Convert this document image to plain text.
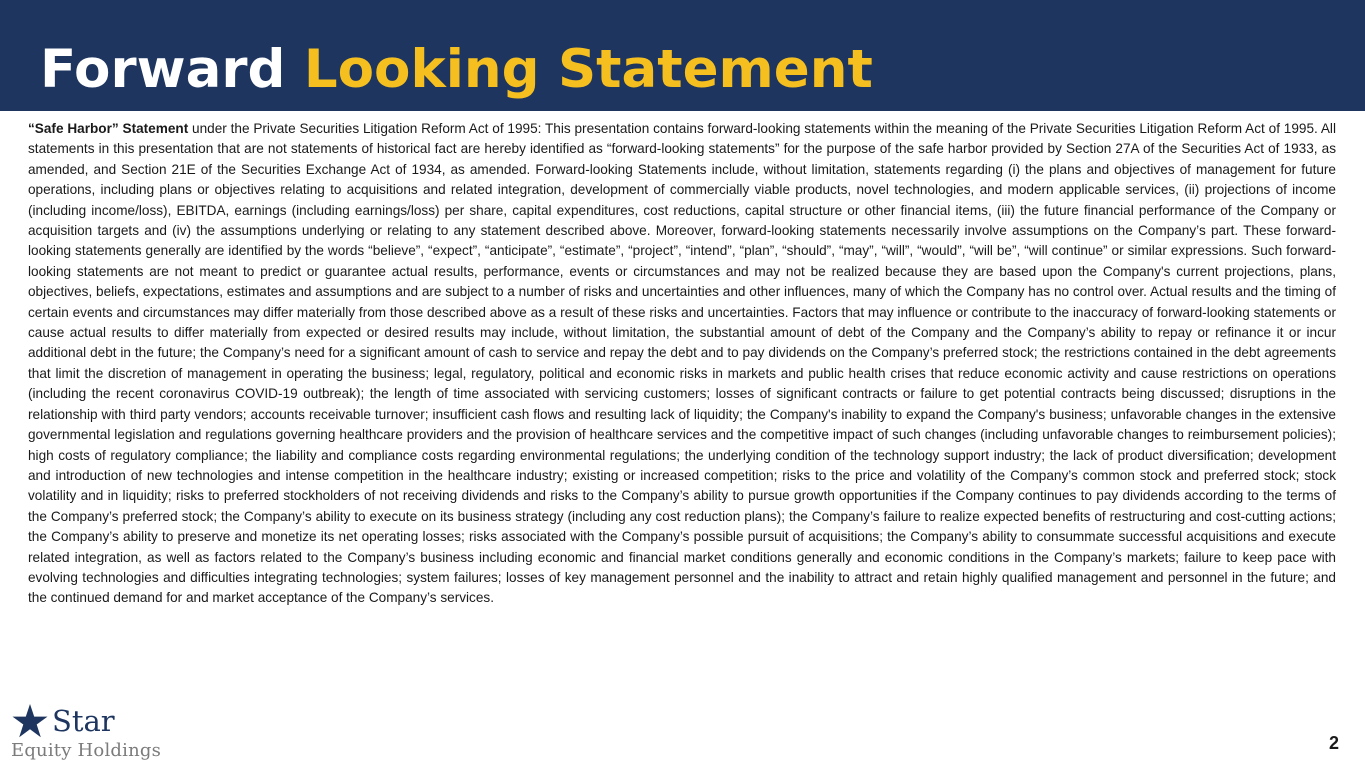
Forward Looking Statement

“Safe Harbor” Statement under the Private Securities Litigation Reform Act of 1995: This presentation contains forward-looking statements within the meaning of the Private Securities Litigation Reform Act of 1995. All statements in this presentation that are not statements of historical fact are hereby identified as “forward-looking statements” for the purpose of the safe harbor provided by Section 27A of the Securities Act of 1933, as amended, and Section 21E of the Securities Exchange Act of 1934, as amended. Forward-looking Statements include, without limitation, statements regarding (i) the plans and objectives of management for future operations, including plans or objectives relating to acquisitions and related integration, development of commercially viable products, novel technologies, and modern applicable services, (ii) projections of income (including income/loss), EBITDA, earnings (including earnings/loss) per share, capital expenditures, cost reductions, capital structure or other financial items, (iii) the future financial performance of the Company or acquisition targets and (iv) the assumptions underlying or relating to any statement described above. Moreover, forward-looking statements necessarily involve assumptions on the Company’s part. These forward-looking statements generally are identified by the words “believe”, “expect”, “anticipate”, “estimate”, “project”, “intend”, “plan”, “should”, “may”, “will”, “would”, “will be”, “will continue” or similar expressions. Such forward-looking statements are not meant to predict or guarantee actual results, performance, events or circumstances and may not be realized because they are based upon the Company's current projections, plans, objectives, beliefs, expectations, estimates and assumptions and are subject to a number of risks and uncertainties and other influences, many of which the Company has no control over. Actual results and the timing of certain events and circumstances may differ materially from those described above as a result of these risks and uncertainties. Factors that may influence or contribute to the inaccuracy of forward-looking statements or cause actual results to differ materially from expected or desired results may include, without limitation, the substantial amount of debt of the Company and the Company’s ability to repay or refinance it or incur additional debt in the future; the Company’s need for a significant amount of cash to service and repay the debt and to pay dividends on the Company’s preferred stock; the restrictions contained in the debt agreements that limit the discretion of management in operating the business; legal, regulatory, political and economic risks in markets and public health crises that reduce economic activity and cause restrictions on operations (including the recent coronavirus COVID-19 outbreak); the length of time associated with servicing customers; losses of significant contracts or failure to get potential contracts being discussed; disruptions in the relationship with third party vendors; accounts receivable turnover; insufficient cash flows and resulting lack of liquidity; the Company's inability to expand the Company's business; unfavorable changes in the extensive governmental legislation and regulations governing healthcare providers and the provision of healthcare services and the competitive impact of such changes (including unfavorable changes to reimbursement policies); high costs of regulatory compliance; the liability and compliance costs regarding environmental regulations; the underlying condition of the technology support industry; the lack of product diversification; development and introduction of new technologies and intense competition in the healthcare industry; existing or increased competition; risks to the price and volatility of the Company’s common stock and preferred stock; stock volatility and in liquidity; risks to preferred stockholders of not receiving dividends and risks to the Company’s ability to pursue growth opportunities if the Company continues to pay dividends according to the terms of the Company’s preferred stock; the Company’s ability to execute on its business strategy (including any cost reduction plans); the Company’s failure to realize expected benefits of restructuring and cost-cutting actions; the Company’s ability to preserve and monetize its net operating losses; risks associated with the Company’s possible pursuit of acquisitions; the Company’s ability to consummate successful acquisitions and execute related integration, as well as factors related to the Company’s business including economic and financial market conditions generally and economic conditions in the Company’s markets; failure to keep pace with evolving technologies and difficulties integrating technologies; system failures; losses of key management personnel and the inability to attract and retain highly qualified management and personnel in the future; and the continued demand for and market acceptance of the Company’s services.

Star
Equity Holdings	2
